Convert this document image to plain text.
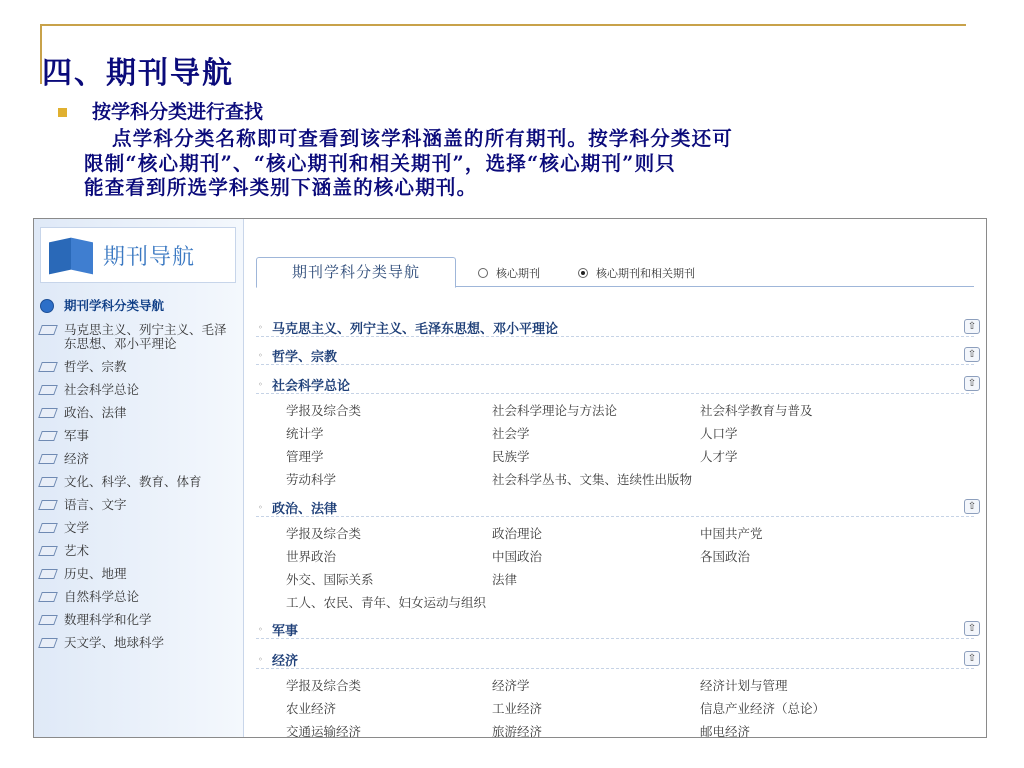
四、期刊导航
按学科分类进行查找
点学科分类名称即可查看到该学科涵盖的所有期刊。按学科分类还可
限制“核心期刊”、“核心期刊和相关期刊”，选择“核心期刊”则只
能查看到所选学科类别下涵盖的核心期刊。
期刊导航
期刊学科分类导航
马克思主义、列宁主义、毛泽东思想、邓小平理论
哲学、宗教
社会科学总论
政治、法律
军事
经济
文化、科学、教育、体育
语言、文字
文学
艺术
历史、地理
自然科学总论
数理科学和化学
天文学、地球科学
期刊学科分类导航	核心期刊	核心期刊和相关期刊
◦ 马克思主义、列宁主义、毛泽东思想、邓小平理论	⇧
◦ 哲学、宗教	⇧
◦ 社会科学总论	⇧
学报及综合类	社会科学理论与方法论	社会科学教育与普及
统计学	社会学	人口学
管理学	民族学	人才学
劳动科学	社会科学丛书、文集、连续性出版物
◦ 政治、法律	⇧
学报及综合类	政治理论	中国共产党
世界政治	中国政治	各国政治
外交、国际关系	法律
工人、农民、青年、妇女运动与组织
◦ 军事	⇧
◦ 经济	⇧
学报及综合类	经济学	经济计划与管理
农业经济	工业经济	信息产业经济（总论）
交通运输经济	旅游经济	邮电经济
